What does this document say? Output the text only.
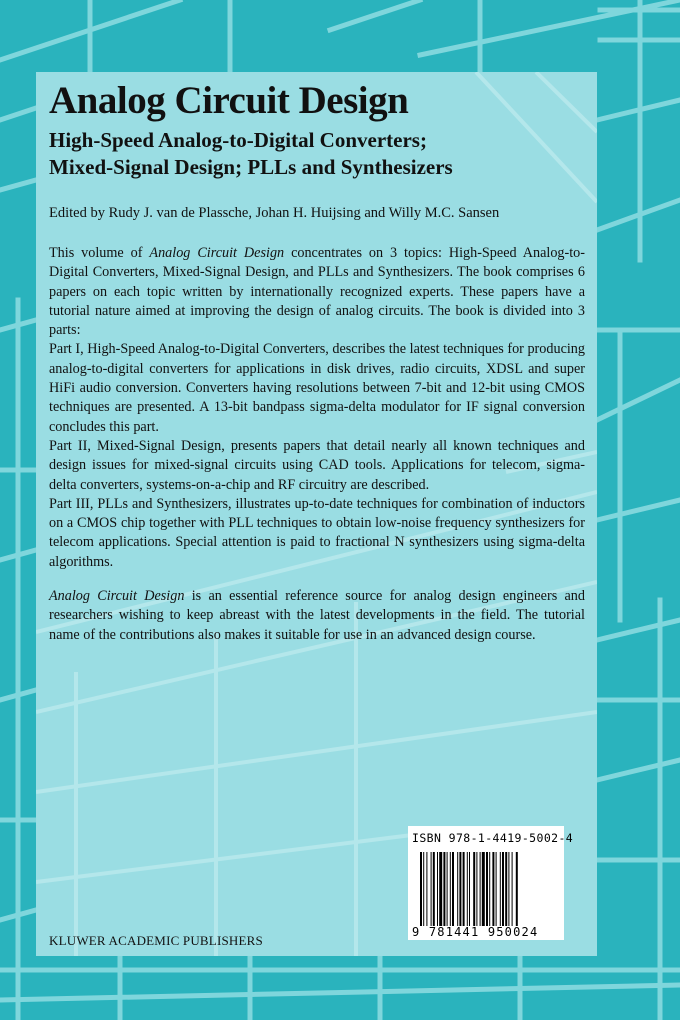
Analog Circuit Design
High-Speed Analog-to-Digital Converters;
Mixed-Signal Design; PLLs and Synthesizers

Edited by Rudy J. van de Plassche, Johan H. Huijsing and Willy M.C. Sansen

This volume of Analog Circuit Design concentrates on 3 topics: High-Speed Analog-to-Digital Converters, Mixed-Signal Design, and PLLs and Synthesizers. The book comprises 6 papers on each topic written by internationally recognized experts. These papers have a tutorial nature aimed at improving the design of analog circuits. The book is divided into 3 parts:

Part I, High-Speed Analog-to-Digital Converters, describes the latest techniques for producing analog-to-digital converters for applications in disk drives, radio circuits, XDSL and super HiFi audio conversion. Converters having resolutions between 7-bit and 12-bit using CMOS techniques are presented. A 13-bit bandpass sigma-delta modulator for IF signal conversion concludes this part.

Part II, Mixed-Signal Design, presents papers that detail nearly all known techniques and design issues for mixed-signal circuits using CAD tools. Applications for telecom, sigma-delta converters, systems-on-a-chip and RF circuitry are described.

Part III, PLLs and Synthesizers, illustrates up-to-date techniques for combination of inductors on a CMOS chip together with PLL techniques to obtain low-noise frequency synthesizers for telecom applications. Special attention is paid to fractional N synthesizers using sigma-delta algorithms.

Analog Circuit Design is an essential reference source for analog design engineers and researchers wishing to keep abreast with the latest developments in the field. The tutorial name of the contributions also makes it suitable for use in an advanced design course.

KLUWER ACADEMIC PUBLISHERS

ISBN 978-1-4419-5002-4
9 781441 950024
